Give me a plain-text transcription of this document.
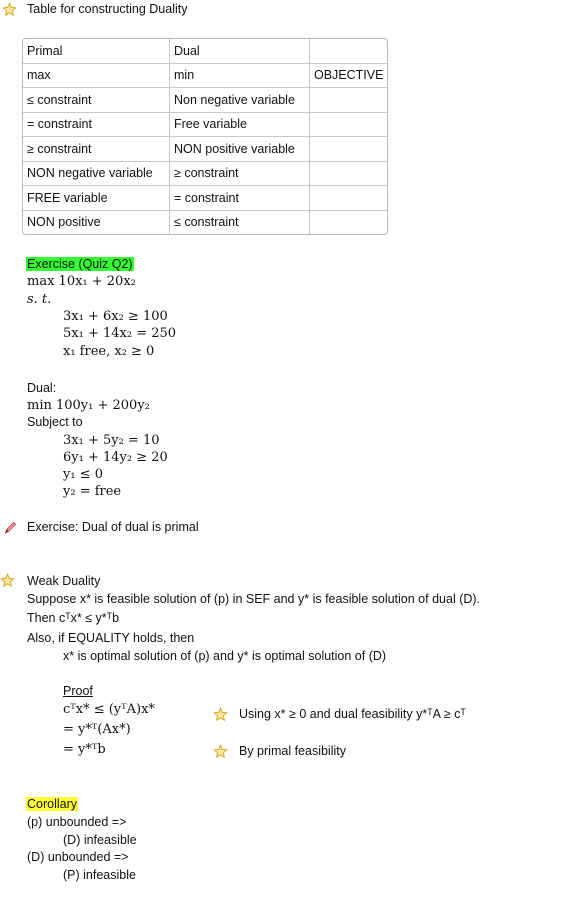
Table for constructing Duality
Primal	Dual	
max	min	OBJECTIVE
≤ constraint	Non negative variable	
= constraint	Free variable	
≥ constraint	NON positive variable	
NON negative variable	≥ constraint	
FREE variable	= constraint	
NON positive	≤ constraint	
Exercise (Quiz Q2)
max 10x₁ + 20x₂
s. t.
3x₁ + 6x₂ ≥ 100
5x₁ + 14x₂ = 250
x₁ free, x₂ ≥ 0
Dual:
min 100y₁ + 200y₂
Subject to
3x₁ + 5y₂ = 10
6y₁ + 14y₂ ≥ 20
y₁ ≤ 0
y₂ = free
Exercise: Dual of dual is primal
Weak Duality
Suppose x* is feasible solution of (p) in SEF and y* is feasible solution of dual (D).
Then cᵀx* ≤ y*ᵀb
Also, if EQUALITY holds, then
x* is optimal solution of (p) and y* is optimal solution of (D)
Proof
cᵀx* ≤ (yᵀA)x*
= y*ᵀ(Ax*)
= y*ᵀb
Using x* ≥ 0 and dual feasibility y*ᵀA ≥ cᵀ
By primal feasibility
Corollary
(p) unbounded =>
(D) infeasible
(D) unbounded =>
(P) infeasible
